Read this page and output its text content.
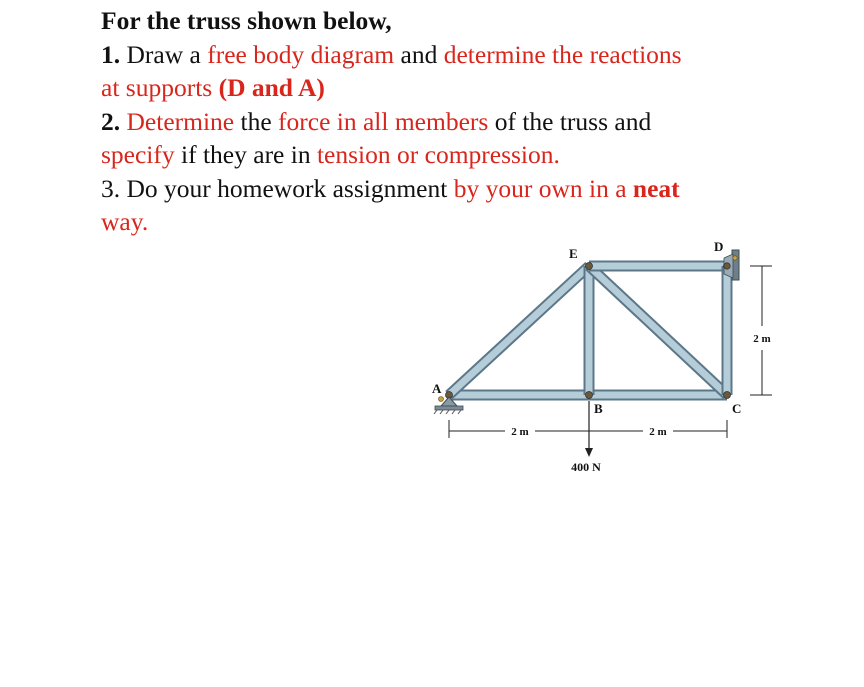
For the truss shown below,
1. Draw a free body diagram and determine the reactions
at supports (D and A)
2. Determine the force in all members of the truss and
specify if they are in tension or compression.
3. Do your homework assignment by your own in a neat
way.
A
B	C
D
E
2 m	2 m
2 m
400 N
